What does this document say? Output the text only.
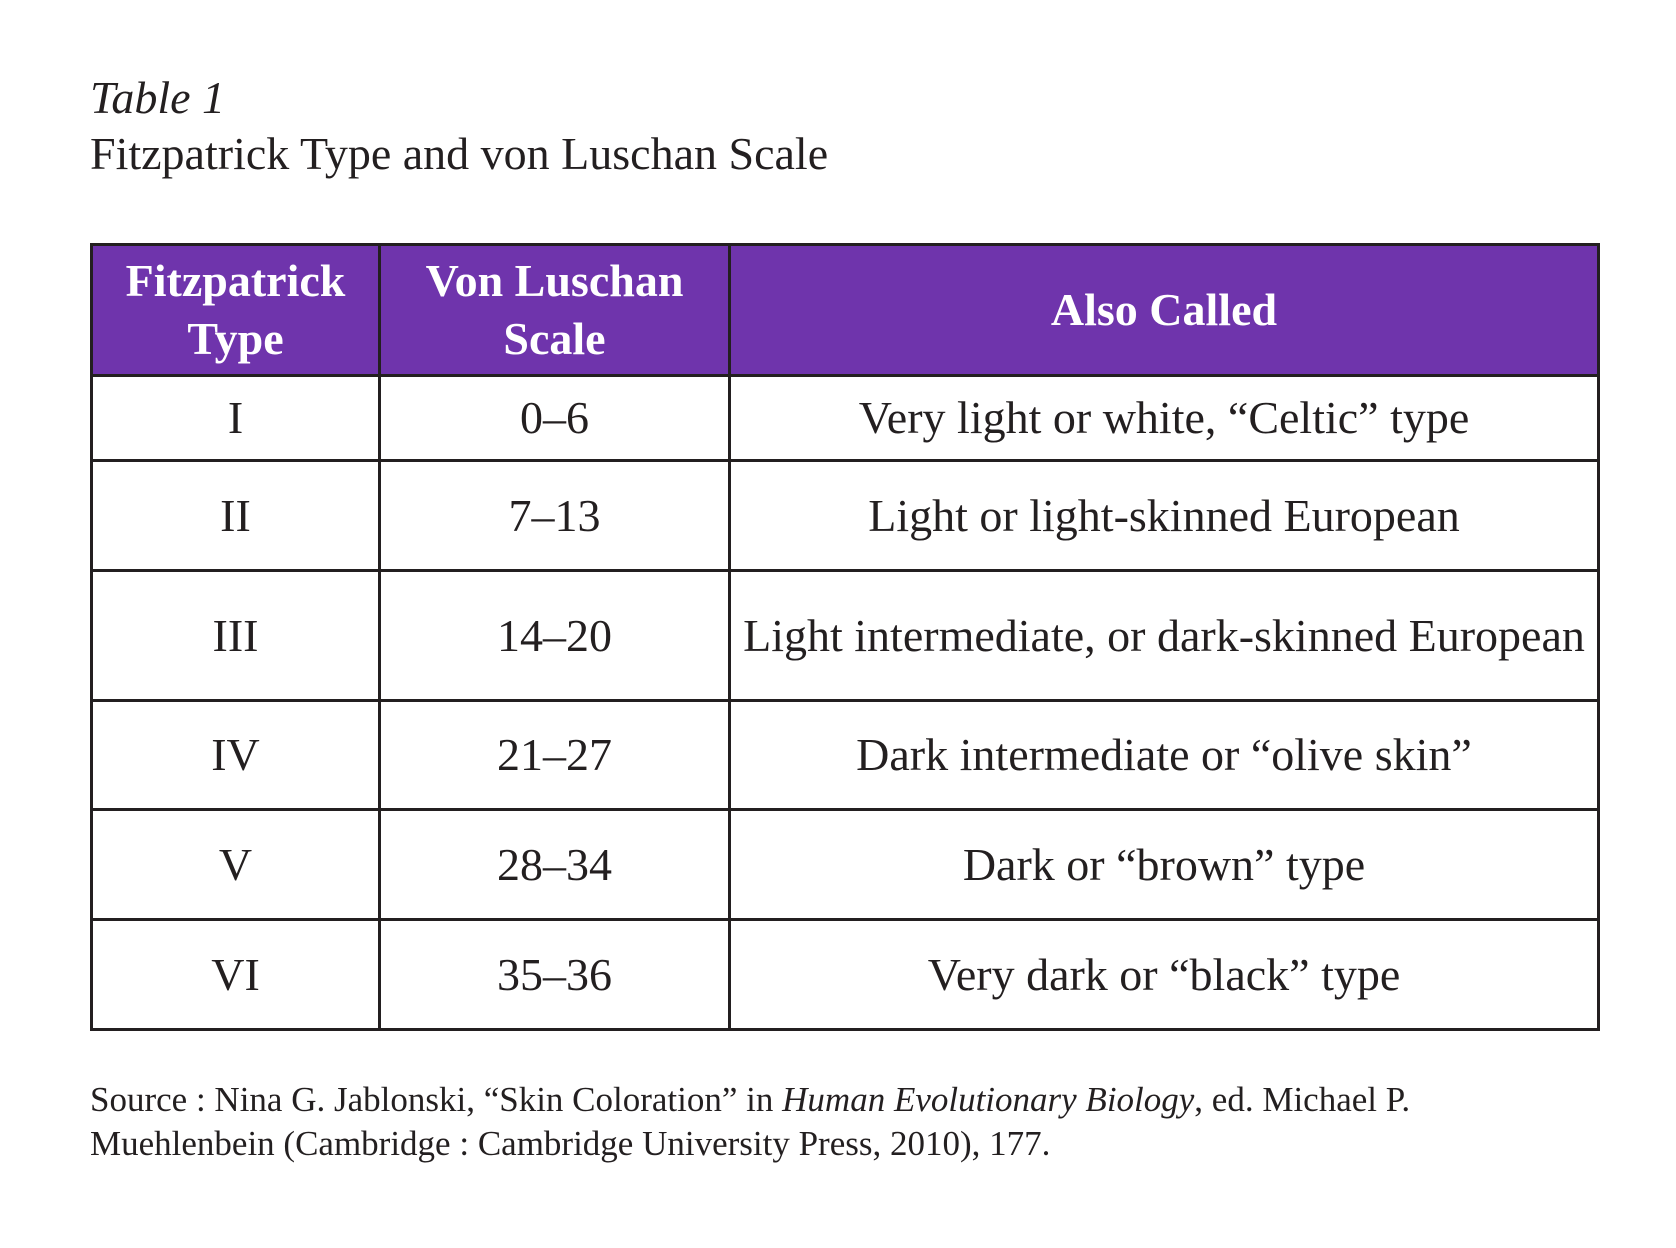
Table 1
Fitzpatrick Type and von Luschan Scale
Fitzpatrick Type	Von Luschan Scale	Also Called
I	0–6	Very light or white, “Celtic” type
II	7–13	Light or light-skinned European
III	14–20	Light intermediate, or dark-skinned European
IV	21–27	Dark intermediate or “olive skin”
V	28–34	Dark or “brown” type
VI	35–36	Very dark or “black” type
Source : Nina G. Jablonski, “Skin Coloration” in Human Evolutionary Biology, ed. Michael P. Muehlenbein (Cambridge : Cambridge University Press, 2010), 177.
